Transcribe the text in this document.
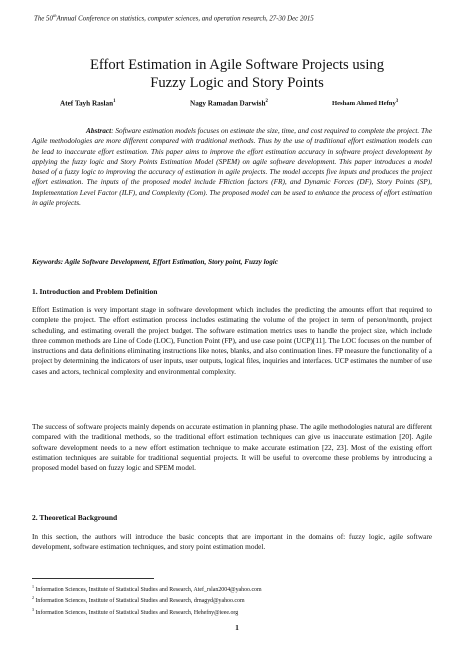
The 50thAnnual Conference on statistics, computer sciences, and operation research, 27-30 Dec 2015
Effort Estimation in Agile Software Projects using
Fuzzy Logic and Story Points
Atef Tayh Raslan$^1$	Nagy Ramadan Darwish$^2$	Hesham Ahmed Hefny$^3$
Abstract: Software estimation models focuses on estimate the size, time, and cost required to complete the project. The Agile methodologies are more different compared with traditional methods. Thus by the use of traditional effort estimation models can be lead to inaccurate effort estimation. This paper aims to improve the effort estimation accuracy in software project development by applying the fuzzy logic and Story Points Estimation Model (SPEM) on agile software development. This paper introduces a model based of a fuzzy logic to improving the accuracy of estimation in agile projects. The model accepts five inputs and produces the project effort estimation. The inputs of the proposed model include FRiction factors (FR), and Dynamic Forces (DF), Story Points (SP), Implementation Level Factor (ILF), and Complexity (Com). The proposed model can be used to enhance the process of effort estimation in agile projects.
Keywords: Agile Software Development, Effort Estimation, Story point, Fuzzy logic
1. Introduction and Problem Definition
Effort Estimation is very important stage in software development which includes the predicting the amounts effort that required to complete the project. The effort estimation process includes estimating the volume of the project in term of person/month, project scheduling, and estimating overall the project budget. The software estimation metrics uses to handle the project size, which include three common methods are Line of Code (LOC), Function Point (FP), and use case point (UCP)[11]. The LOC focuses on the number of instructions and data definitions eliminating instructions like notes, blanks, and also continuation lines. FP measure the functionality of a project by determining the indicators of user inputs, user outputs, logical files, inquiries and interfaces. UCP estimates the number of use cases and actors, technical complexity and environmental complexity.
The success of software projects mainly depends on accurate estimation in planning phase. The agile methodologies natural are different compared with the traditional methods, so the traditional effort estimation techniques can give us inaccurate estimation [20]. Agile software development needs to a new effort estimation technique to make accurate estimation [22, 23]. Most of the existing effort estimation techniques are suitable for traditional sequential projects. It will be useful to overcome these problems by introducing a proposed model based on fuzzy logic and SPEM model.
2. Theoretical Background
In this section, the authors will introduce the basic concepts that are important in the domains of: fuzzy logic, agile software development, software estimation techniques, and story point estimation model.
$^1$ Information Sciences, Institute of Statistical Studies and Research, Atef_rslan2004@yahoo.com
$^2$ Information Sciences, Institute of Statistical Studies and Research, drnagyd@yahoo.com
$^3$ Information Sciences, Institute of Statistical Studies and Research, Hehefny@ieee.org
1
